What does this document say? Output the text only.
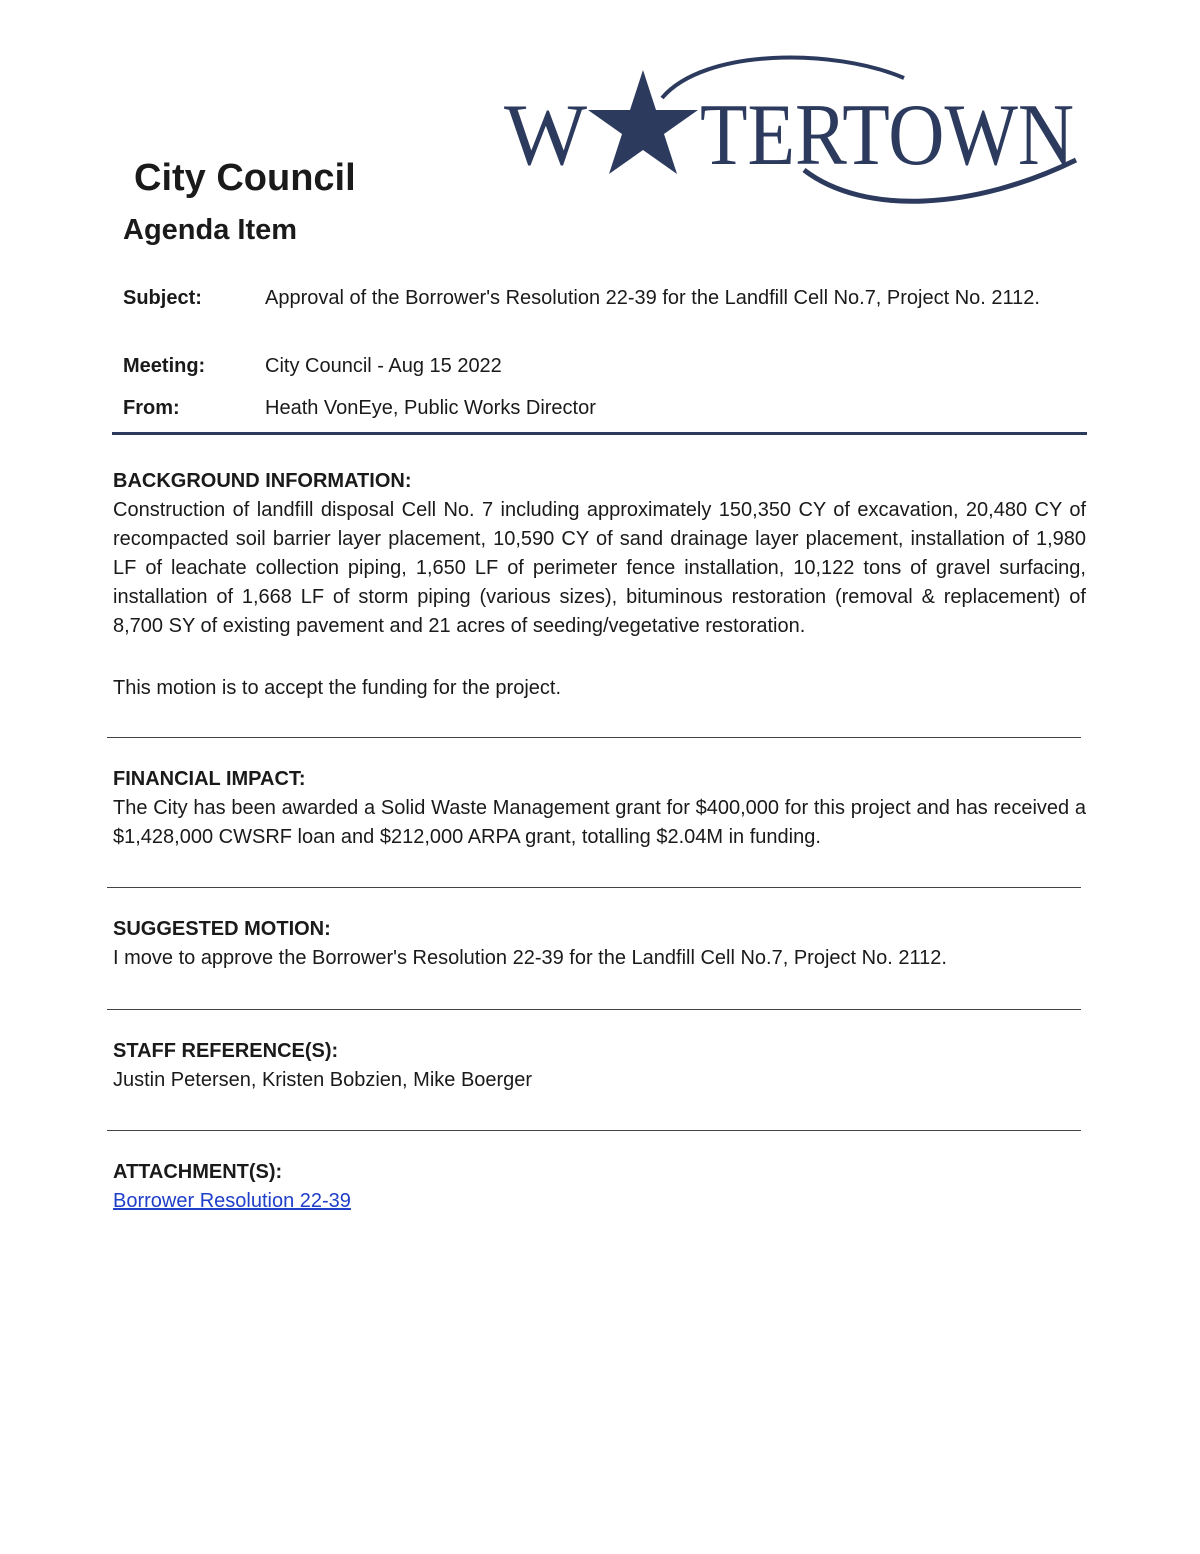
W TERTOWN
City Council
Agenda Item
Subject:	Approval of the Borrower's Resolution 22-39 for the Landfill Cell No.7, Project No. 2112.
Meeting:	City Council - Aug 15 2022
From:	Heath VonEye, Public Works Director
BACKGROUND INFORMATION:

Construction of landfill disposal Cell No. 7 including approximately 150,350 CY of excavation, 20,480 CY of recompacted soil barrier layer placement, 10,590 CY of sand drainage layer placement, installation of 1,980 LF of leachate collection piping, 1,650 LF of perimeter fence installation, 10,122 tons of gravel surfacing, installation of 1,668 LF of storm piping (various sizes), bituminous restoration (removal & replacement) of 8,700 SY of existing pavement and 21 acres of seeding/vegetative restoration.

This motion is to accept the funding for the project.

FINANCIAL IMPACT:

The City has been awarded a Solid Waste Management grant for $400,000 for this project and has received a $1,428,000 CWSRF loan and $212,000 ARPA grant, totalling $2.04M in funding.

SUGGESTED MOTION:

I move to approve the Borrower's Resolution 22-39 for the Landfill Cell No.7, Project No. 2112.

STAFF REFERENCE(S):

Justin Petersen, Kristen Bobzien, Mike Boerger

ATTACHMENT(S):
Borrower Resolution 22-39
